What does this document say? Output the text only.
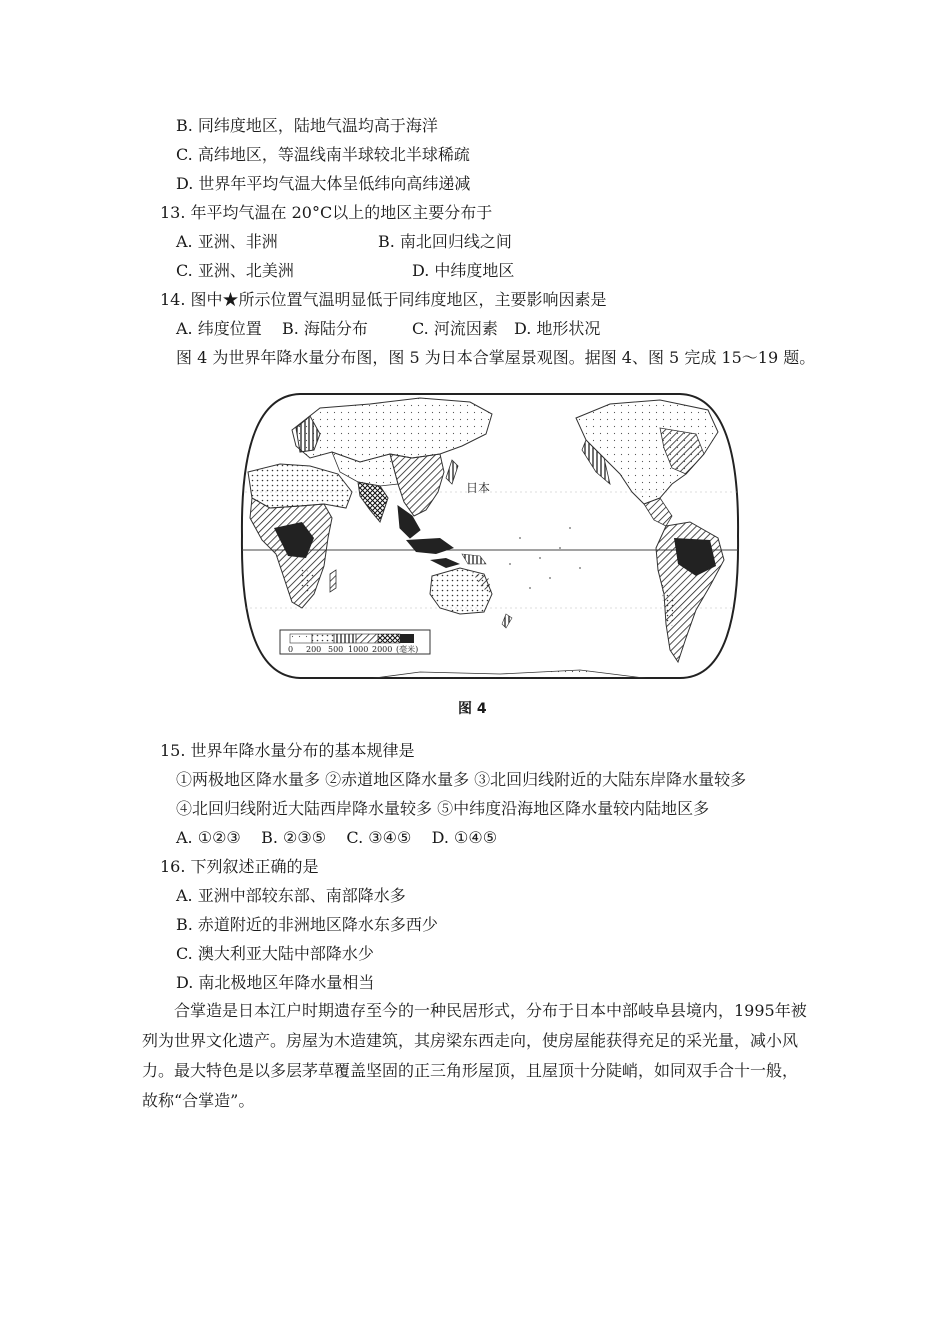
B. 同纬度地区，陆地气温均高于海洋
C. 高纬地区，等温线南半球较北半球稀疏
D. 世界年平均气温大体呈低纬向高纬递减
13. 年平均气温在 20°C以上的地区主要分布于
A. 亚洲、非洲	B. 南北回归线之间
C. 亚洲、北美洲	D. 中纬度地区
14. 图中★所示位置气温明显低于同纬度地区，主要影响因素是
A. 纬度位置 B. 海陆分布	C. 河流因素 D. 地形状况
图 4 为世界年降水量分布图，图 5 为日本合掌屋景观图。据图 4、图 5 完成 15～19 题。
日本
0 200 500 1000 2000 (毫米)
图 4
15. 世界年降水量分布的基本规律是
①两极地区降水量多 ②赤道地区降水量多 ③北回归线附近的大陆东岸降水量较多
④北回归线附近大陆西岸降水量较多 ⑤中纬度沿海地区降水量较内陆地区多
A. ①②③    B. ②③⑤    C. ③④⑤    D. ①④⑤
16. 下列叙述正确的是
A. 亚洲中部较东部、南部降水多
B. 赤道附近的非洲地区降水东多西少
C. 澳大利亚大陆中部降水少
D. 南北极地区年降水量相当
　　合掌造是日本江户时期遗存至今的一种民居形式，分布于日本中部岐阜县境内，1995年被列为世界文化遗产。房屋为木造建筑，其房梁东西走向，使房屋能获得充足的采光量，减小风力。最大特色是以多层茅草覆盖坚固的正三角形屋顶，且屋顶十分陡峭，如同双手合十一般，故称“合掌造”。
